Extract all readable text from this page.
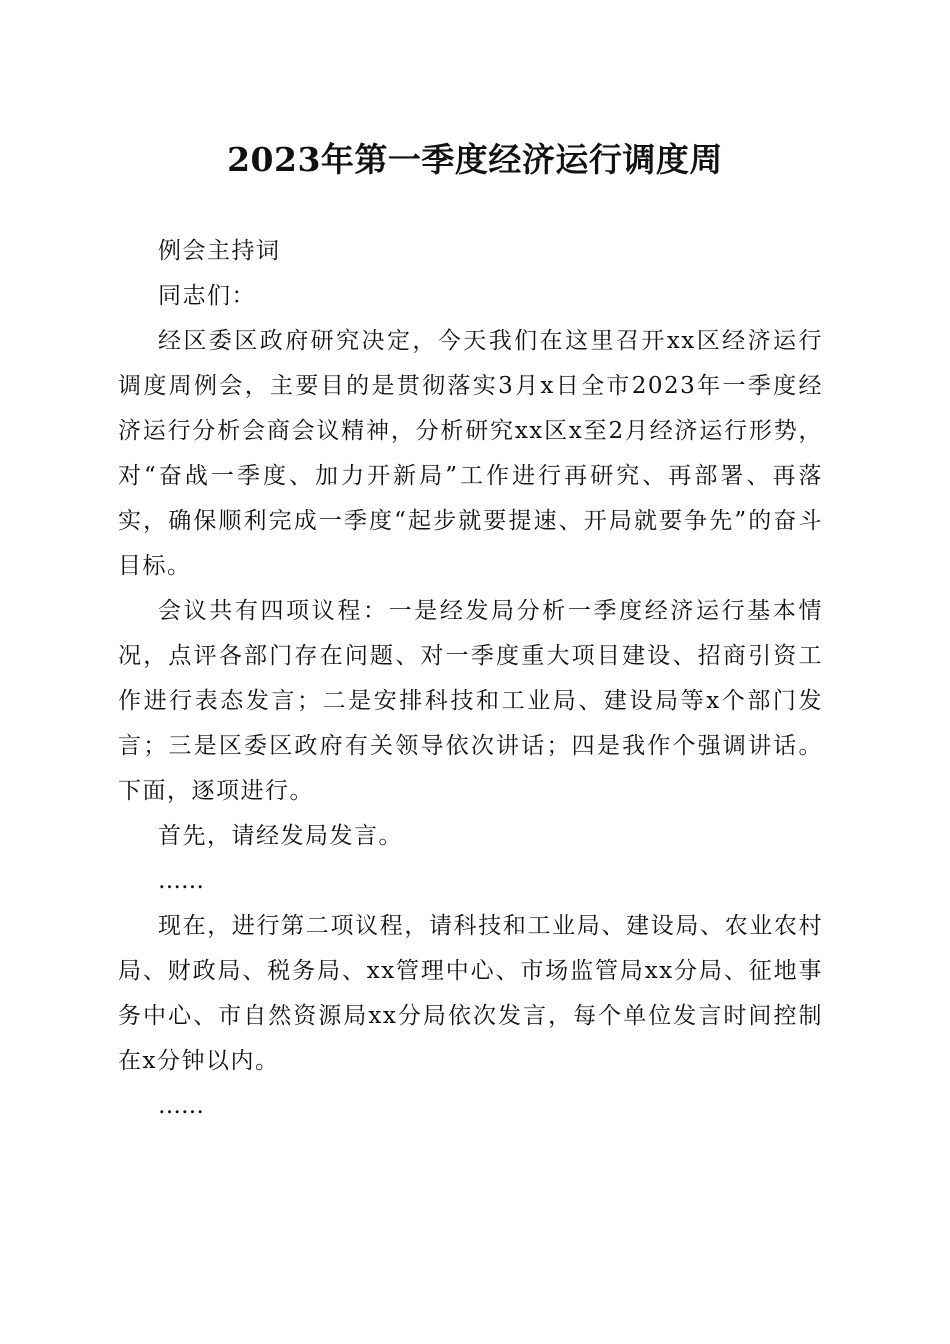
2023年第一季度经济运行调度周

例会主持词

同志们：

经区委区政府研究决定，今天我们在这里召开xx区经济运行调度周例会，主要目的是贯彻落实3月x日全市2023年一季度经济运行分析会商会议精神，分析研究xx区x至2月经济运行形势，对“奋战一季度、加力开新局”工作进行再研究、再部署、再落实，确保顺利完成一季度“起步就要提速、开局就要争先”的奋斗目标。

会议共有四项议程：一是经发局分析一季度经济运行基本情况，点评各部门存在问题、对一季度重大项目建设、招商引资工作进行表态发言；二是安排科技和工业局、建设局等x个部门发言；三是区委区政府有关领导依次讲话；四是我作个强调讲话。下面，逐项进行。

首先，请经发局发言。

……

现在，进行第二项议程，请科技和工业局、建设局、农业农村局、财政局、税务局、xx管理中心、市场监管局xx分局、征地事务中心、市自然资源局xx分局依次发言，每个单位发言时间控制在x分钟以内。

……
